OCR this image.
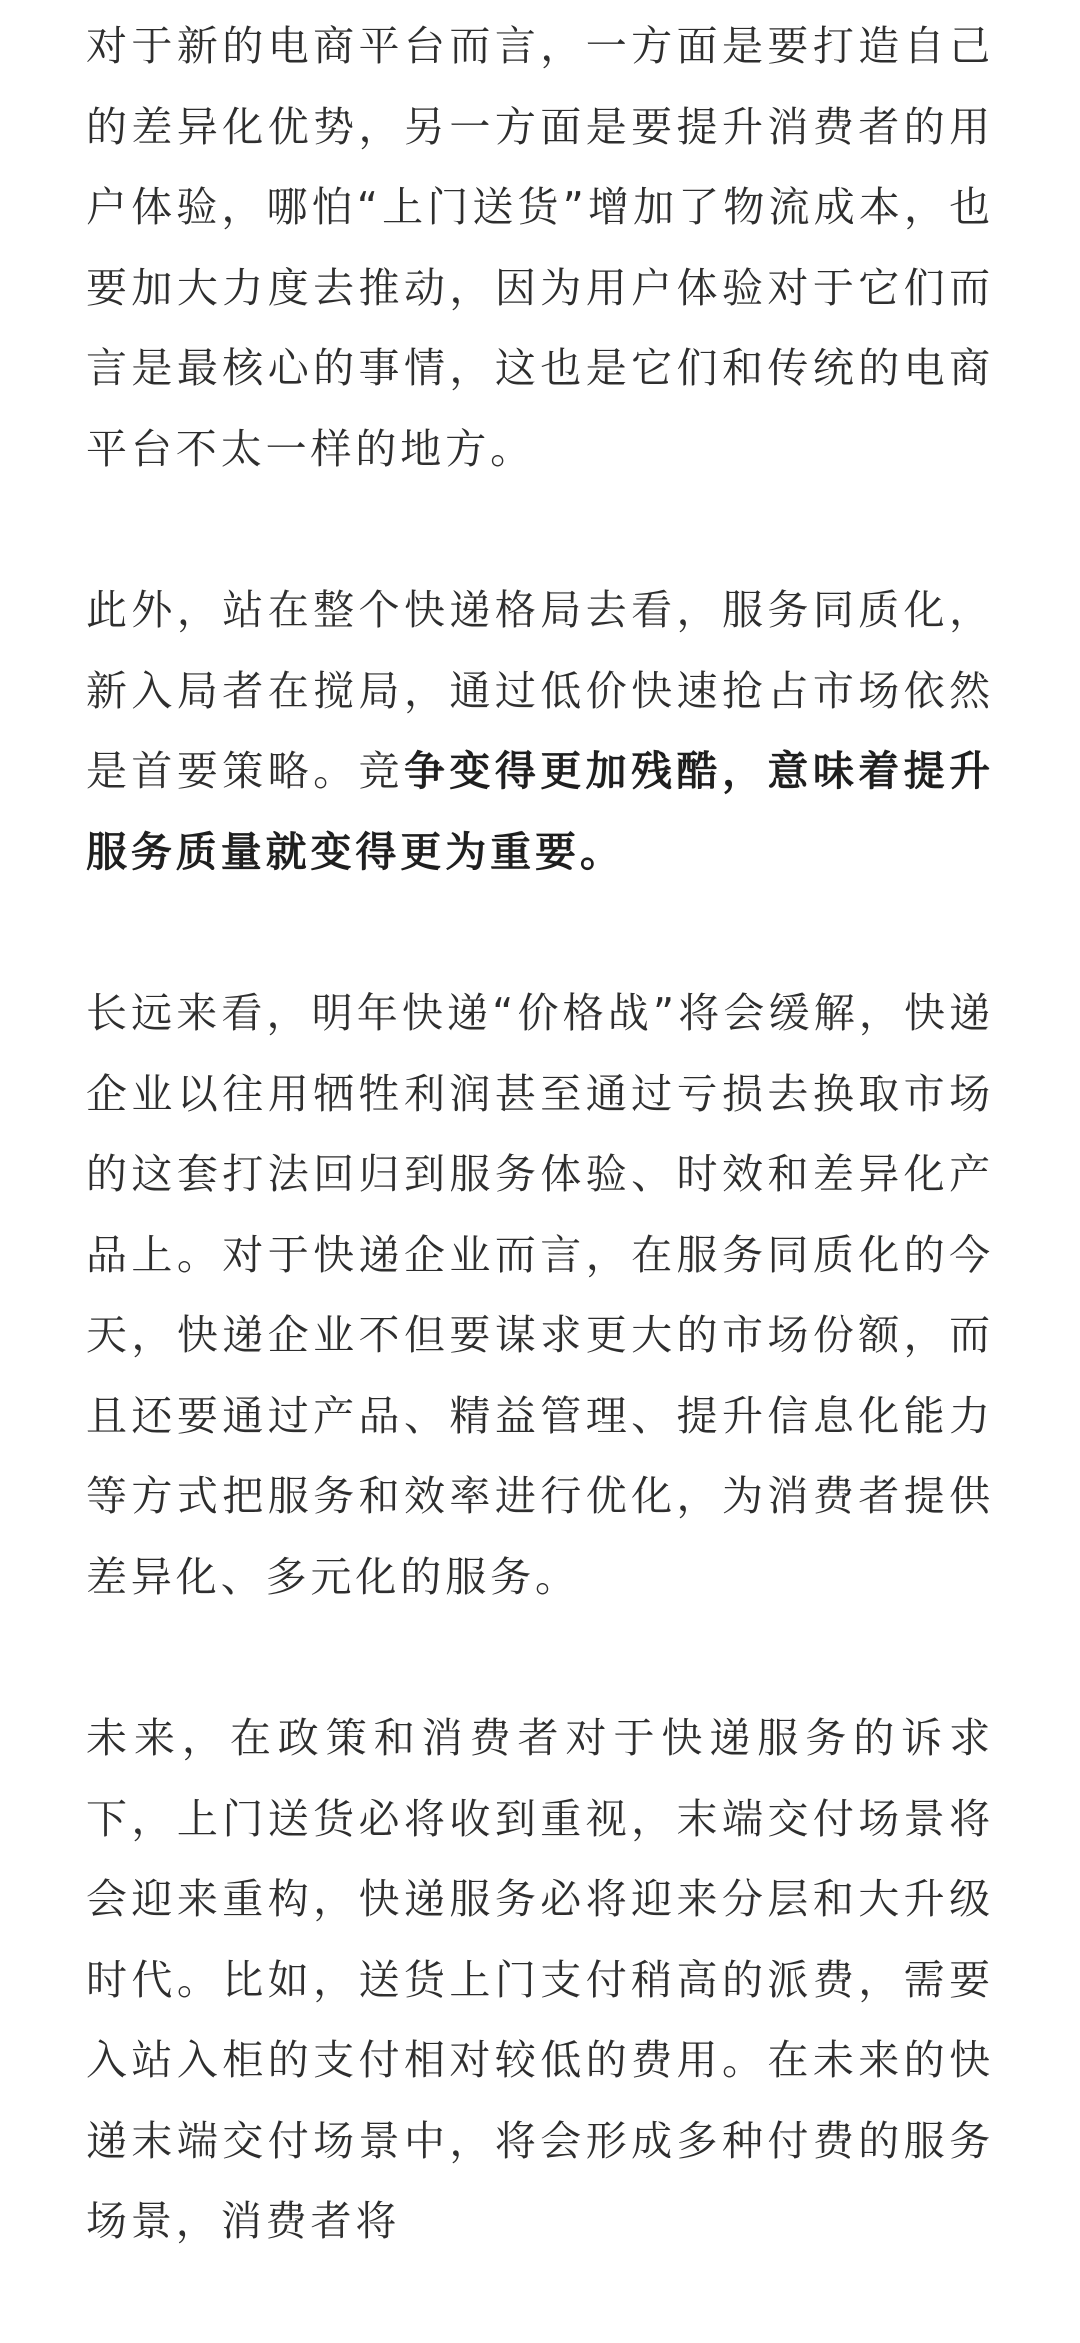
对于新的电商平台而言，一方面是要打造自己的差异化优势，另一方面是要提升消费者的用户体验，哪怕“上门送货”增加了物流成本，也要加大力度去推动，因为用户体验对于它们而言是最核心的事情，这也是它们和传统的电商平台不太一样的地方。

此外，站在整个快递格局去看，服务同质化，新入局者在搅局，通过低价快速抢占市场依然是首要策略。竞争变得更加残酷，意味着提升服务质量就变得更为重要。

长远来看，明年快递“价格战”将会缓解，快递企业以往用牺牲利润甚至通过亏损去换取市场的这套打法回归到服务体验、时效和差异化产品上。对于快递企业而言，在服务同质化的今天，快递企业不但要谋求更大的市场份额，而且还要通过产品、精益管理、提升信息化能力等方式把服务和效率进行优化，为消费者提供差异化、多元化的服务。

未来，在政策和消费者对于快递服务的诉求下，上门送货必将收到重视，末端交付场景将会迎来重构，快递服务必将迎来分层和大升级时代。比如，送货上门支付稍高的派费，需要入站入柜的支付相对较低的费用。在未来的快递末端交付场景中，将会形成多种付费的服务场景，消费者将
